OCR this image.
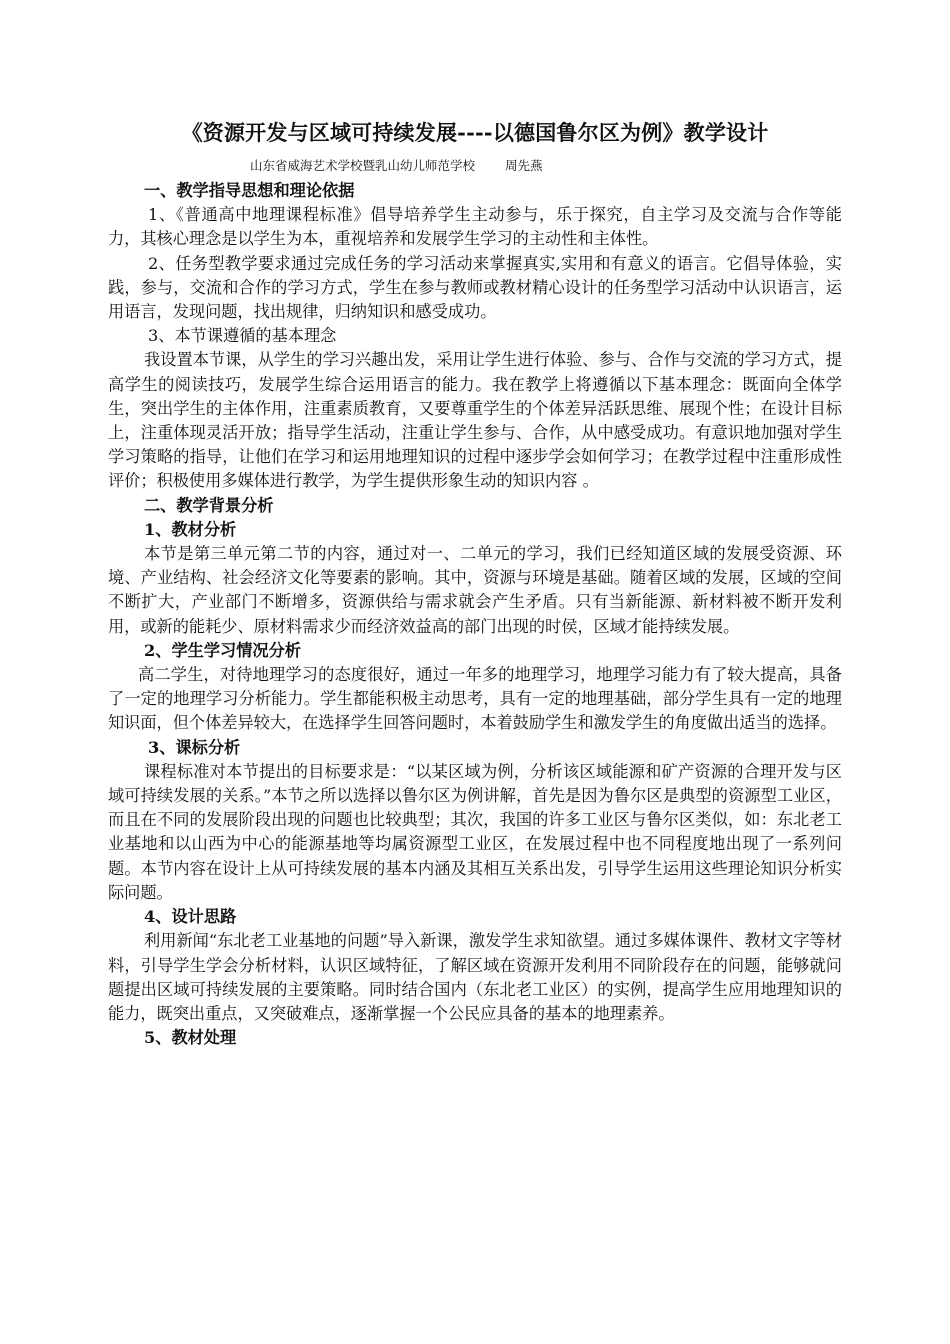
《资源开发与区域可持续发展----以德国鲁尔区为例》教学设计
山东省威海艺术学校暨乳山幼儿师范学校 周先燕
一、教学指导思想和理论依据

1、《普通高中地理课程标准》倡导培养学生主动参与，乐于探究，自主学习及交流与合作等能力，其核心理念是以学生为本，重视培养和发展学生学习的主动性和主体性。

2、任务型教学要求通过完成任务的学习活动来掌握真实,实用和有意义的语言。它倡导体验，实践，参与，交流和合作的学习方式，学生在参与教师或教材精心设计的任务型学习活动中认识语言，运用语言，发现问题，找出规律，归纳知识和感受成功。

3、本节课遵循的基本理念

我设置本节课，从学生的学习兴趣出发，采用让学生进行体验、参与、合作与交流的学习方式，提高学生的阅读技巧，发展学生综合运用语言的能力。我在教学上将遵循以下基本理念：既面向全体学生，突出学生的主体作用，注重素质教育，又要尊重学生的个体差异活跃思维、展现个性；在设计目标上，注重体现灵活开放；指导学生活动，注重让学生参与、合作，从中感受成功。有意识地加强对学生学习策略的指导，让他们在学习和运用地理知识的过程中逐步学会如何学习；在教学过程中注重形成性评价；积极使用多媒体进行教学，为学生提供形象生动的知识内容 。

二、教学背景分析
1、教材分析

本节是第三单元第二节的内容，通过对一、二单元的学习，我们已经知道区域的发展受资源、环境、产业结构、社会经济文化等要素的影响。其中，资源与环境是基础。随着区域的发展，区域的空间不断扩大，产业部门不断增多，资源供给与需求就会产生矛盾。只有当新能源、新材料被不断开发利用，或新的能耗少、原材料需求少而经济效益高的部门出现的时侯，区域才能持续发展。

2、学生学习情况分析

高二学生，对待地理学习的态度很好，通过一年多的地理学习，地理学习能力有了较大提高，具备了一定的地理学习分析能力。学生都能积极主动思考，具有一定的地理基础，部分学生具有一定的地理知识面，但个体差异较大，在选择学生回答问题时，本着鼓励学生和激发学生的角度做出适当的选择。

3、课标分析

课程标准对本节提出的目标要求是：“以某区域为例，分析该区域能源和矿产资源的合理开发与区域可持续发展的关系。”本节之所以选择以鲁尔区为例讲解，首先是因为鲁尔区是典型的资源型工业区，而且在不同的发展阶段出现的问题也比较典型；其次，我国的许多工业区与鲁尔区类似，如：东北老工业基地和以山西为中心的能源基地等均属资源型工业区，在发展过程中也不同程度地出现了一系列问题。本节内容在设计上从可持续发展的基本内涵及其相互关系出发，引导学生运用这些理论知识分析实际问题。

4、设计思路

利用新闻“东北老工业基地的问题”导入新课，激发学生求知欲望。通过多媒体课件、教材文字等材料，引导学生学会分析材料，认识区域特征，了解区域在资源开发利用不同阶段存在的问题，能够就问题提出区域可持续发展的主要策略。同时结合国内（东北老工业区）的实例，提高学生应用地理知识的能力，既突出重点，又突破难点，逐渐掌握一个公民应具备的基本的地理素养。

5、教材处理
